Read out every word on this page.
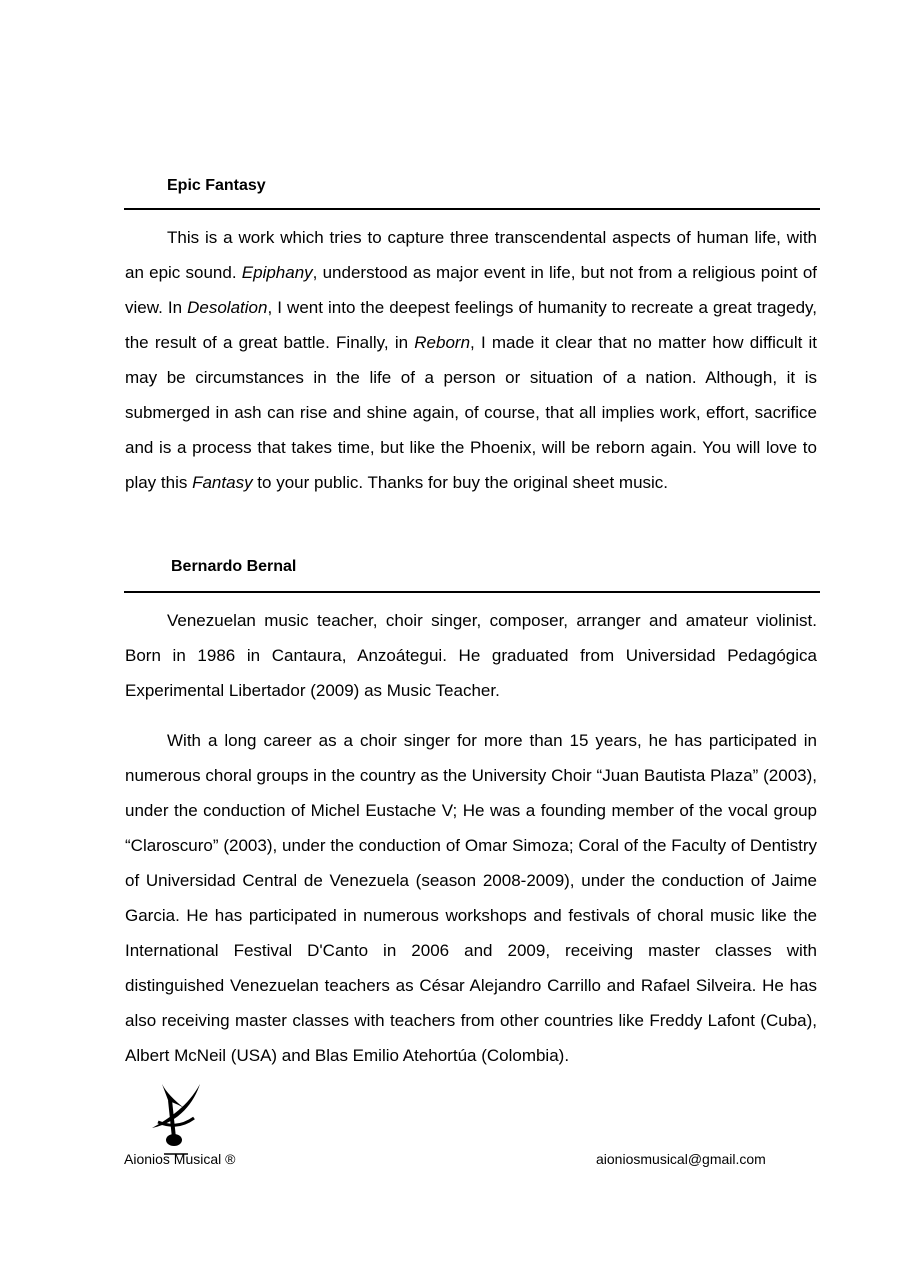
Epic Fantasy

This is a work which tries to capture three transcendental aspects of human life, with an epic sound. Epiphany, understood as major event in life, but not from a religious point of view. In Desolation, I went into the deepest feelings of humanity to recreate a great tragedy, the result of a great battle. Finally, in Reborn, I made it clear that no matter how difficult it may be circumstances in the life of a person or situation of a nation. Although, it is submerged in ash can rise and shine again, of course, that all implies work, effort, sacrifice and is a process that takes time, but like the Phoenix, will be reborn again. You will love to play this Fantasy to your public. Thanks for buy the original sheet music.

Bernardo Bernal

Venezuelan music teacher, choir singer, composer, arranger and amateur violinist. Born in 1986 in Cantaura, Anzoátegui. He graduated from Universidad Pedagógica Experimental Libertador (2009) as Music Teacher.

With a long career as a choir singer for more than 15 years, he has participated in numerous choral groups in the country as the University Choir “Juan Bautista Plaza” (2003), under the conduction of Michel Eustache V; He was a founding member of the vocal group “Claroscuro” (2003), under the conduction of Omar Simoza; Coral of the Faculty of Dentistry of Universidad Central de Venezuela (season 2008-2009), under the conduction of Jaime Garcia. He has participated in numerous workshops and festivals of choral music like the International Festival D'Canto in 2006 and 2009, receiving master classes with distinguished Venezuelan teachers as César Alejandro Carrillo and Rafael Silveira. He has also receiving master classes with teachers from other countries like Freddy Lafont (Cuba), Albert McNeil (USA) and Blas Emilio Atehortúa (Colombia).

Aionios Musical ®	aioniosmusical@gmail.com
